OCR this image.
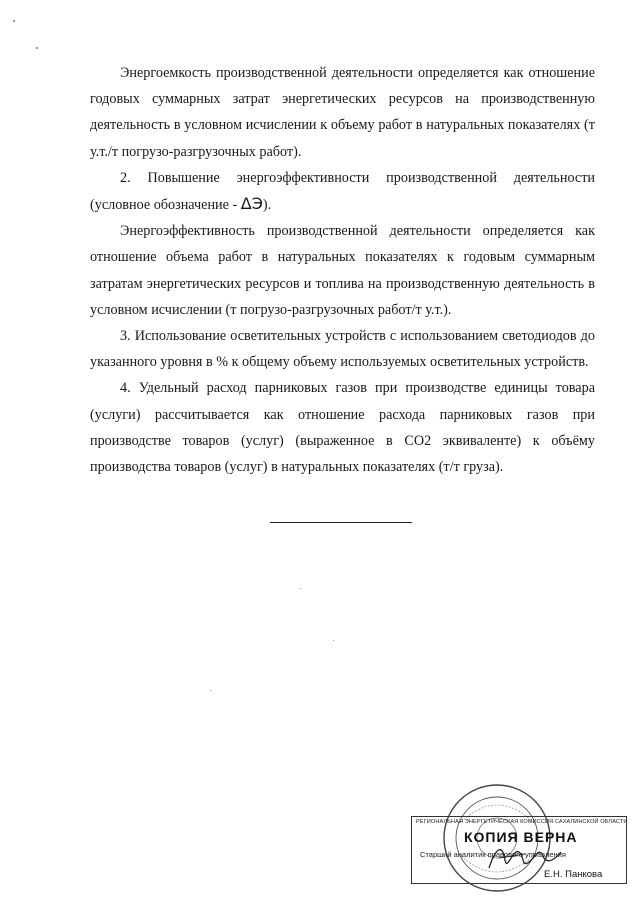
Энергоемкость производственной деятельности определяется как отношение годовых суммарных затрат энергетических ресурсов на производственную деятельность в условном исчислении к объему работ в натуральных показателях (т у.т./т погрузо-разгрузочных работ).

2. Повышение энергоэффективности производственной деятельности (условное обозначение - ΔЭ).

Энергоэффективность производственной деятельности определяется как отношение объема работ в натуральных показателях к годовым суммарным затратам энергетических ресурсов и топлива на производственную деятельность в условном исчислении (т погрузо-разгрузочных работ/т у.т.).

3. Использование осветительных устройств с использованием светодиодов до указанного уровня в % к общему объему используемых осветительных устройств.

4. Удельный расход парниковых газов при производстве единицы товара (услуги) рассчитывается как отношение расхода парниковых газов при производстве товаров (услуг) (выраженное в CO2 эквиваленте) к объёму производства товаров (услуг) в натуральных показателях (т/т груза).

РЕГИОНАЛЬНАЯ ЭНЕРГЕТИЧЕСКАЯ КОМИССИЯ САХАЛИНСКОЙ ОБЛАСТИ
КОПИЯ ВЕРНА
Старший аналитик правового управления
Е.Н. Панкова
